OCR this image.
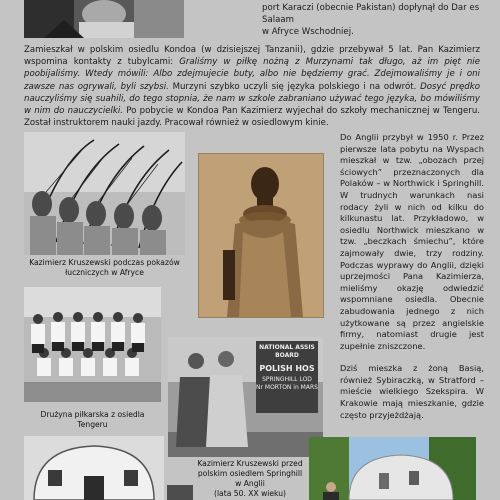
port Karaczi (obecnie Pakistan) dopłynął do Dar es Salaam
w Afryce Wschodniej.
Zamieszkał w polskim osiedlu Kondoa (w dzisiejszej Tanzanii), gdzie przebywał 5 lat. Pan Kazimierz wspomina kontakty z tubylcami: Graliśmy w piłkę nożną z Murzynami tak długo, aż im pięt nie poobijaliśmy. Wtedy mówili: Albo zdejmujecie buty, albo nie będziemy grać. Zdejmowaliśmy je i oni zawsze nas ogrywali, byli szybsi. Murzyni szybko uczyli się języka polskiego i na odwrót. Dosyć prędko nauczyliśmy się suahili, do tego stopnia, że nam w szkole zabraniano używać tego języka, bo mówiliśmy w nim do nauczycielki. Po pobycie w Kondoa Pan Kazimierz wyjechał do szkoły mechanicznej w Tengeru. Został instruktorem nauki jazdy. Pracował również w osiedlowym kinie.
Kazimierz Kruszewski podczas pokazów łuczniczych w Afryce
Do Anglii przybył w 1950 r. Przez pierwsze lata pobytu na Wyspach mieszkał w tzw. „obozach przej ściowych” przeznaczonych dla Polaków – w Northwick i Springhill. W trudnych warunkach nasi rodacy żyli w nich od kilku do kilkunastu lat. Przykładowo, w osiedlu Northwick mieszkano w tzw. „beczkach śmiechu”, które zajmowały dwie, trzy rodziny. Podczas wyprawy do Anglii, dzięki uprzejmości Pana Kazimierza, mieliśmy okazję odwiedzić wspomniane osiedla. Obecnie zabudowania jednego z nich użytkowane są przez angielskie firmy, natomiast drugie jest zupełnie zniszczone.
Dziś mieszka z żoną Basią, również Sybiraczką, w Stratford – mieście wielkiego Szekspira. W Krakowie mają mieszkanie, gdzie często przyjeżdżają.
Drużyna piłkarska z osiedla Tengeru
NATIONAL ASSIS
BOARD
POLISH HOS
SPRINGHILL LOD
Nr MORTON in MARS
Kazimierz Kruszewski przed polskim osiedlem Springhill w Anglii
(lata 50. XX wieku)
